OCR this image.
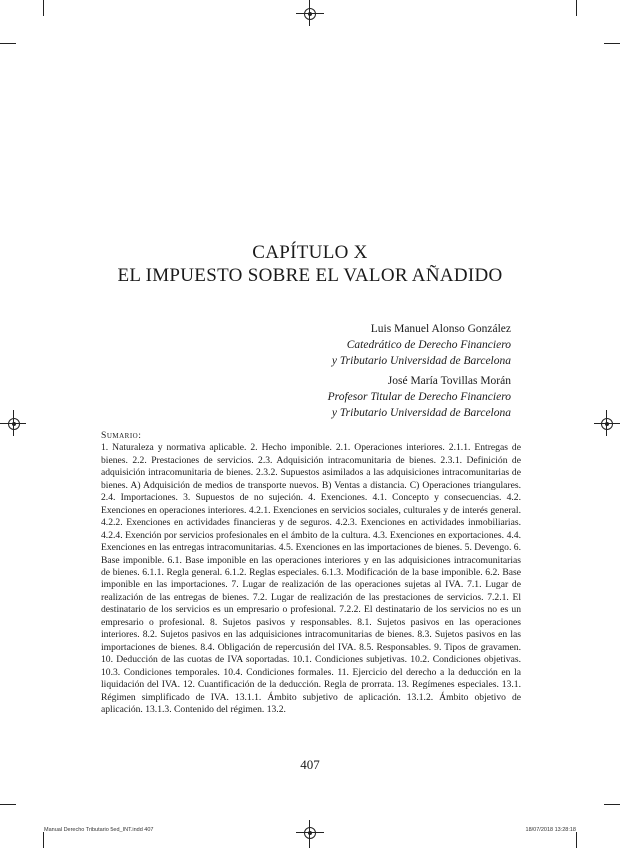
CAPÍTULO X
EL IMPUESTO SOBRE EL VALOR AÑADIDO
Luis Manuel Alonso González
Catedrático de Derecho Financiero
y Tributario Universidad de Barcelona
José María Tovillas Morán
Profesor Titular de Derecho Financiero
y Tributario Universidad de Barcelona
Sumario:
1. Naturaleza y normativa aplicable. 2. Hecho imponible. 2.1. Operaciones interiores. 2.1.1. Entregas de bienes. 2.2. Prestaciones de servicios. 2.3. Adquisición intracomunitaria de bienes. 2.3.1. Definición de adquisición intracomunitaria de bienes. 2.3.2. Supuestos asimilados a las adquisiciones intracomunitarias de bienes. A) Adquisición de medios de transporte nuevos. B) Ventas a distancia. C) Operaciones triangulares. 2.4. Importaciones. 3. Supuestos de no sujeción. 4. Exenciones. 4.1. Concepto y consecuencias. 4.2. Exenciones en operaciones interiores. 4.2.1. Exenciones en servicios sociales, culturales y de interés general. 4.2.2. Exenciones en actividades financieras y de seguros. 4.2.3. Exenciones en actividades inmobiliarias. 4.2.4. Exención por servicios profesionales en el ámbito de la cultura. 4.3. Exenciones en exportaciones. 4.4. Exenciones en las entregas intracomunitarias. 4.5. Exenciones en las importaciones de bienes. 5. Devengo. 6. Base imponible. 6.1. Base imponible en las operaciones interiores y en las adquisiciones intracomunitarias de bienes. 6.1.1. Regla general. 6.1.2. Reglas especiales. 6.1.3. Modificación de la base imponible. 6.2. Base imponible en las importaciones. 7. Lugar de realización de las operaciones sujetas al IVA. 7.1. Lugar de realización de las entregas de bienes. 7.2. Lugar de realización de las prestaciones de servicios. 7.2.1. El destinatario de los servicios es un empresario o profesional. 7.2.2. El destinatario de los servicios no es un empresario o profesional. 8. Sujetos pasivos y responsables. 8.1. Sujetos pasivos en las operaciones interiores. 8.2. Sujetos pasivos en las adquisiciones intracomunitarias de bienes. 8.3. Sujetos pasivos en las importaciones de bienes. 8.4. Obligación de repercusión del IVA. 8.5. Responsables. 9. Tipos de gravamen. 10. Deducción de las cuotas de IVA soportadas. 10.1. Condiciones subjetivas. 10.2. Condiciones objetivas. 10.3. Condiciones temporales. 10.4. Condiciones formales. 11. Ejercicio del derecho a la deducción en la liquidación del IVA. 12. Cuantificación de la deducción. Regla de prorrata. 13. Regímenes especiales. 13.1. Régimen simplificado de IVA. 13.1.1. Ámbito subjetivo de aplicación. 13.1.2. Ámbito objetivo de aplicación. 13.1.3. Contenido del régimen. 13.2.
407
Manual Derecho Tributario 5ed_INT.indd 407	18/07/2018 13:28:18
